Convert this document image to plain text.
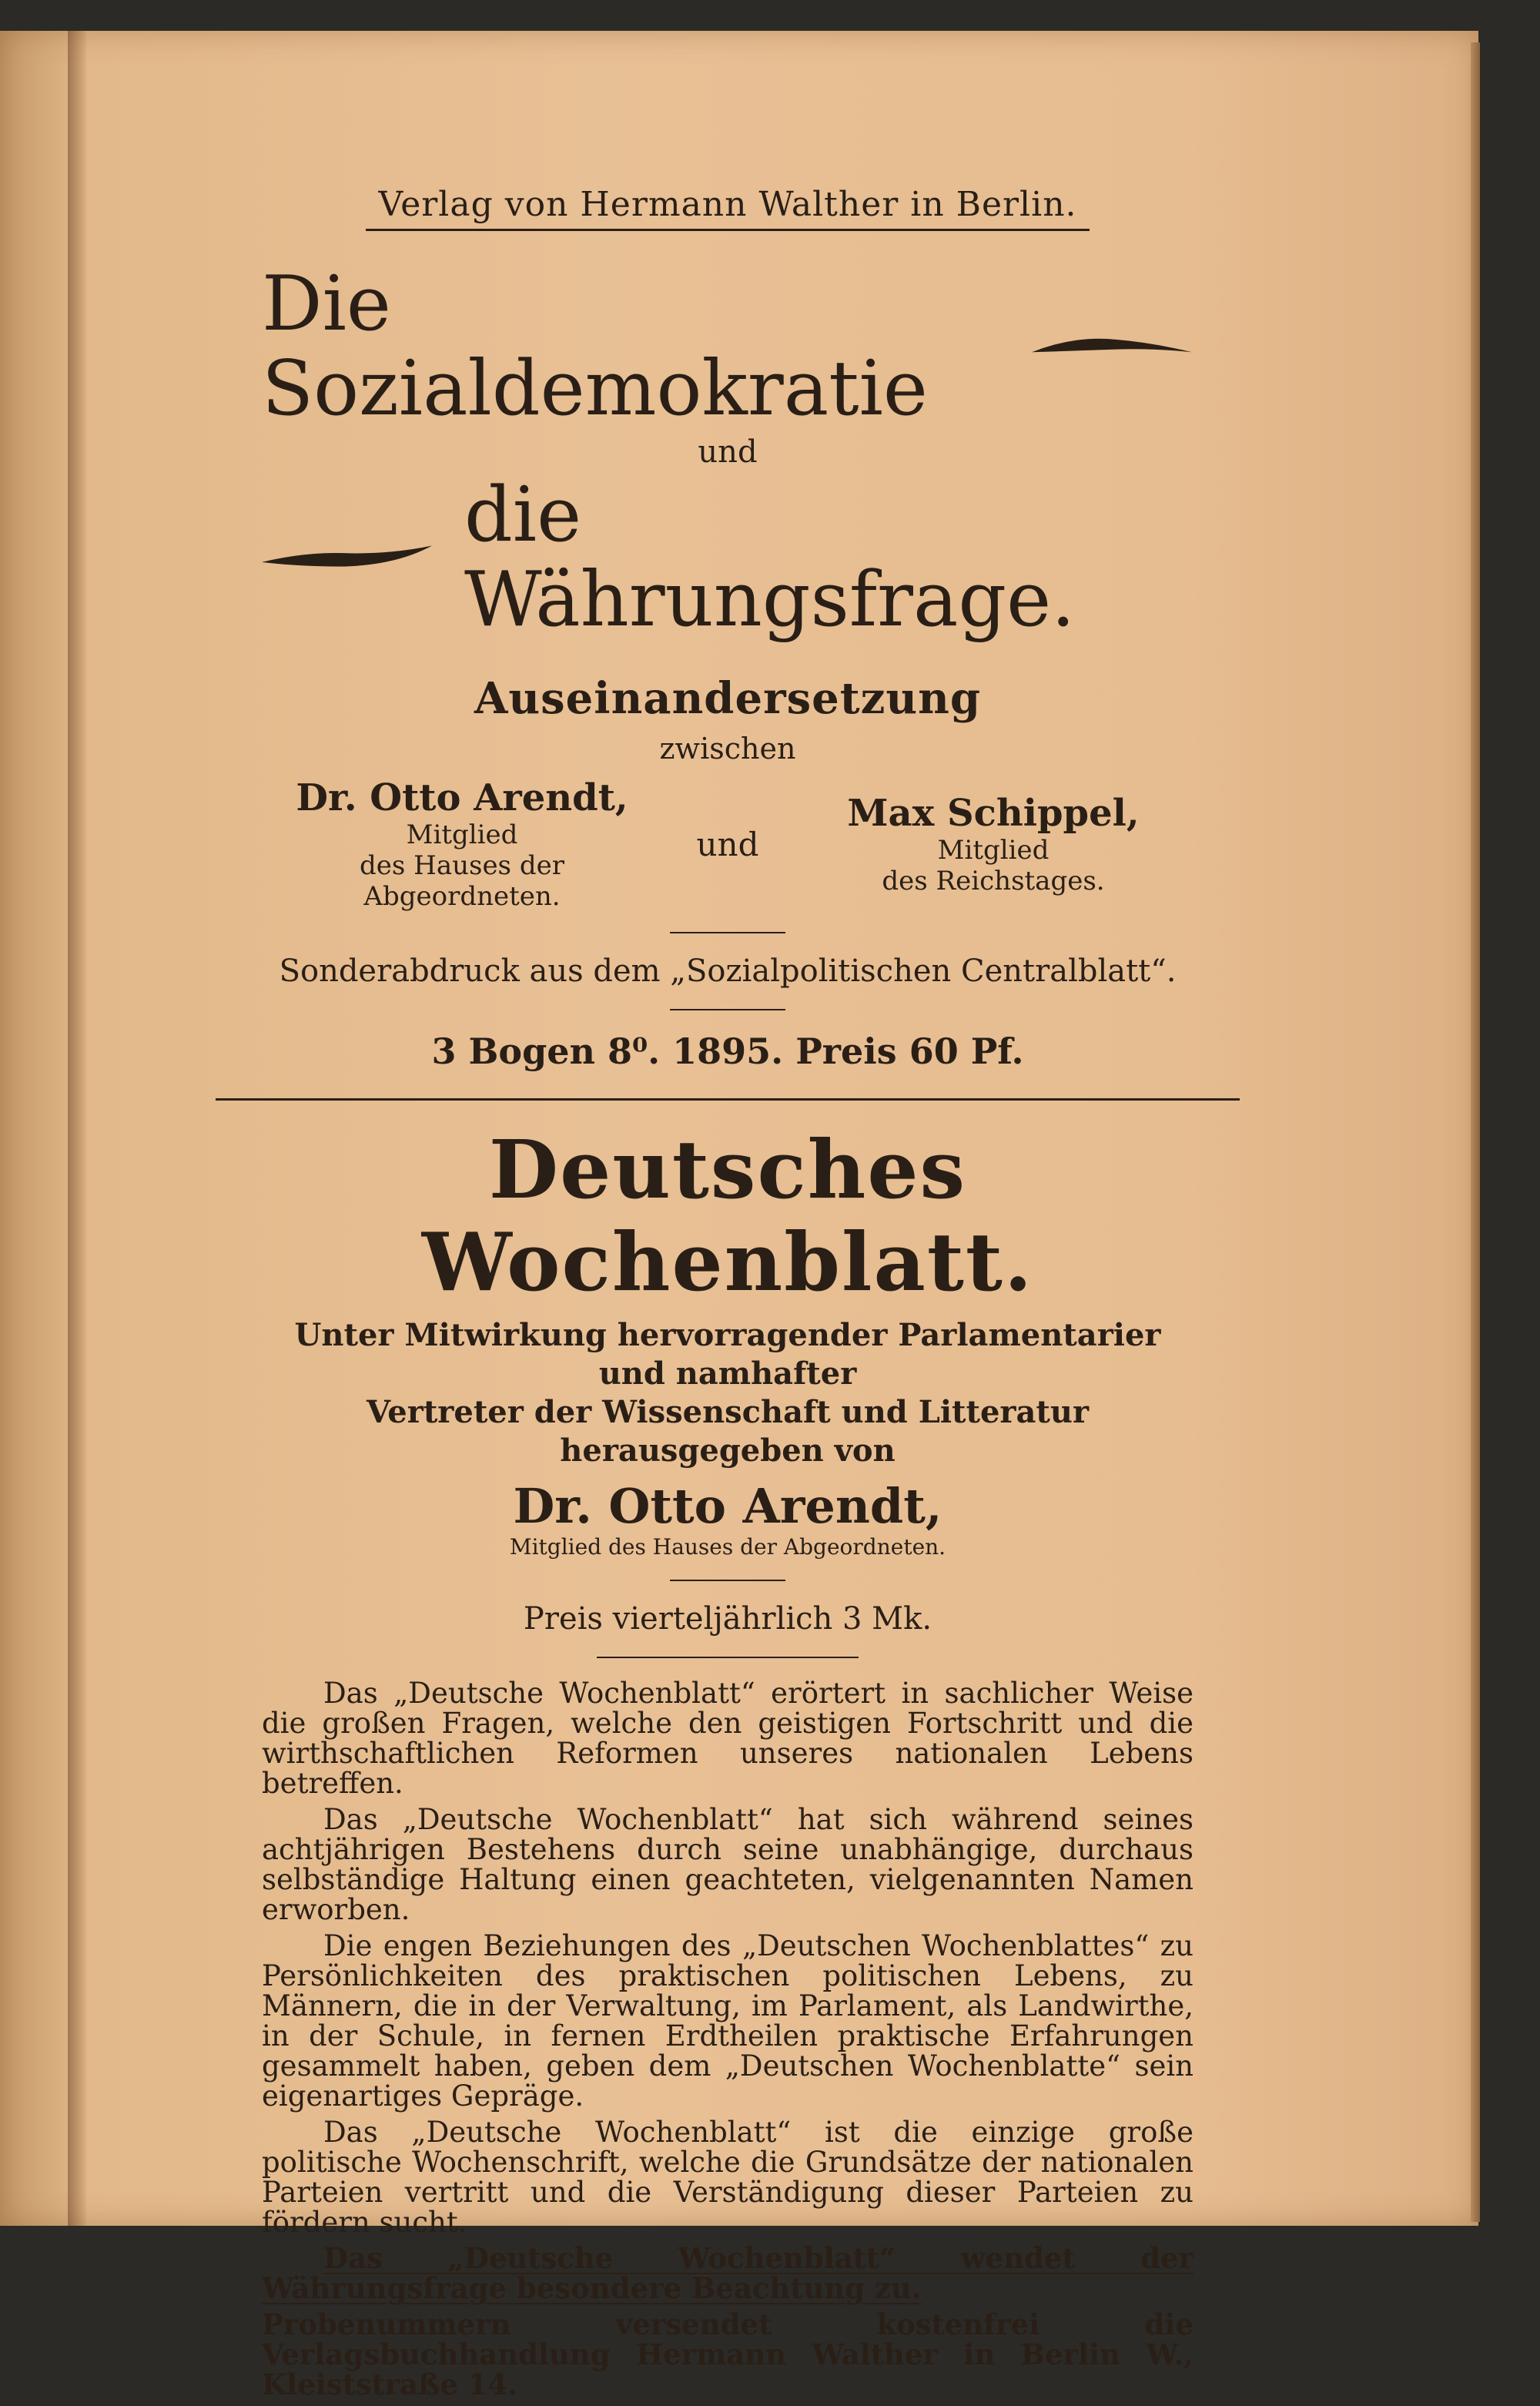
Verlag von Hermann Walther in Berlin.
Die Sozialdemokratie
und
die Währungsfrage.
Auseinandersetzung
zwischen
Dr. Otto Arendt,
Mitglied
des Hauses der Abgeordneten.
und
Max Schippel,
Mitglied
des Reichstages.
Sonderabdruck aus dem „Sozialpolitischen Centralblatt“.
3 Bogen 8⁰. 1895. Preis 60 Pf.
Deutsches Wochenblatt.
Unter Mitwirkung hervorragender Parlamentarier und namhafter
Vertreter der Wissenschaft und Litteratur herausgegeben von
Dr. Otto Arendt,
Mitglied des Hauses der Abgeordneten.
Preis vierteljährlich 3 Mk.

Das „Deutsche Wochenblatt“ erörtert in sachlicher Weise die großen Fragen, welche den geistigen Fortschritt und die wirthschaftlichen Reformen unseres nationalen Lebens betreffen.

Das „Deutsche Wochenblatt“ hat sich während seines achtjährigen Bestehens durch seine unabhängige, durchaus selbständige Haltung einen geachteten, vielgenannten Namen erworben.

Die engen Beziehungen des „Deutschen Wochenblattes“ zu Persönlichkeiten des praktischen politischen Lebens, zu Männern, die in der Verwaltung, im Parlament, als Landwirthe, in der Schule, in fernen Erdtheilen praktische Erfahrungen gesammelt haben, geben dem „Deutschen Wochenblatte“ sein eigenartiges Gepräge.

Das „Deutsche Wochenblatt“ ist die einzige große politische Wochenschrift, welche die Grundsätze der nationalen Parteien vertritt und die Verständigung dieser Parteien zu fördern sucht.

Das „Deutsche Wochenblatt“ wendet der Währungsfrage besondere Beachtung zu.

Probenummern versendet kostenfrei die Verlagsbuchhandlung Hermann Walther in Berlin W., Kleiststraße 14.
